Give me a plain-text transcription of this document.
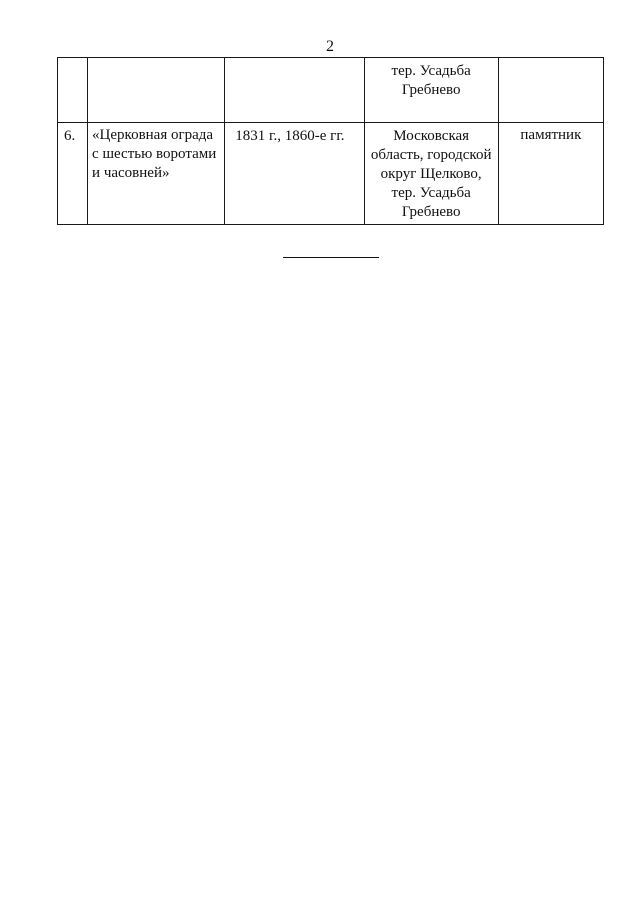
2

			тер. Усадьба
Гребнево	

6.	«Церковная ограда
с шестью воротами
и часовней»	1831 г., 1860-е гг.	Московская
область, городской
округ Щелково,
тер. Усадьба
Гребнево	памятник
